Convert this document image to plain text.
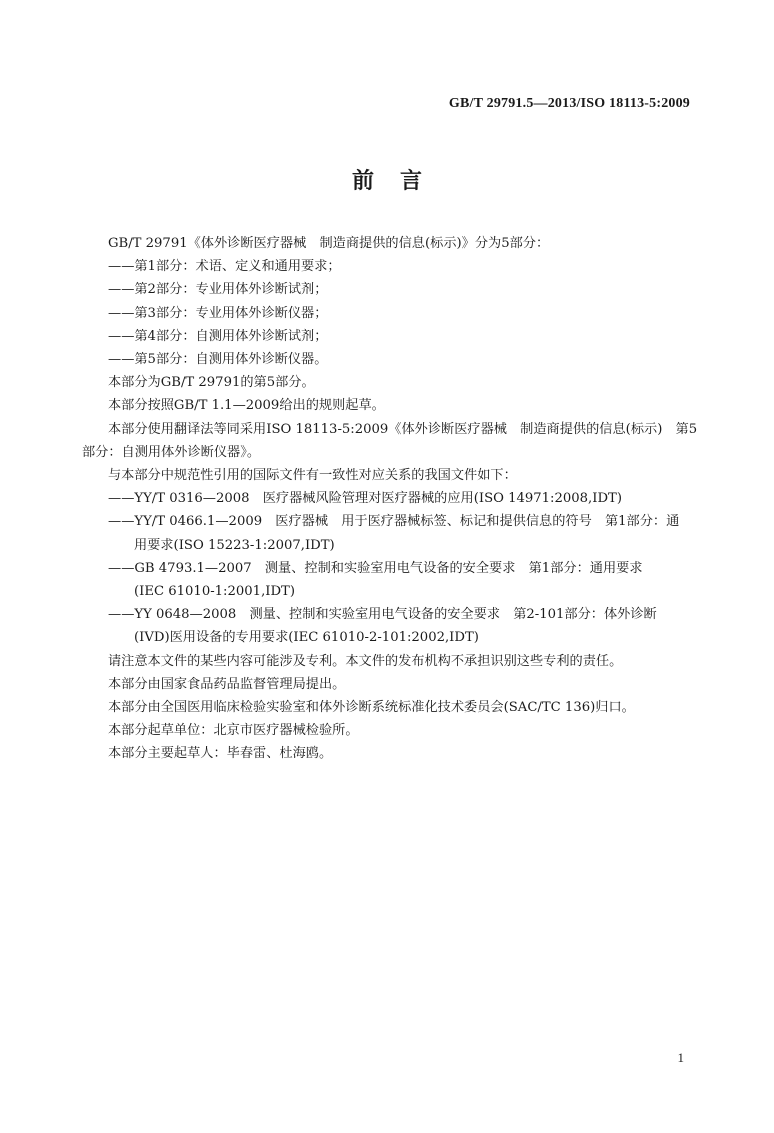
GB/T 29791.5—2013/ISO 18113-5:2009
前言

GB/T 29791《体外诊断医疗器械　制造商提供的信息(标示)》分为5部分：

——第1部分：术语、定义和通用要求；

——第2部分：专业用体外诊断试剂；

——第3部分：专业用体外诊断仪器；

——第4部分：自测用体外诊断试剂；

——第5部分：自测用体外诊断仪器。

本部分为GB/T 29791的第5部分。

本部分按照GB/T 1.1—2009给出的规则起草。

本部分使用翻译法等同采用ISO 18113-5:2009《体外诊断医疗器械　制造商提供的信息(标示)　第5部分：自测用体外诊断仪器》。

与本部分中规范性引用的国际文件有一致性对应关系的我国文件如下：

——YY/T 0316—2008　医疗器械风险管理对医疗器械的应用(ISO 14971:2008,IDT)

——YY/T 0466.1—2009　医疗器械　用于医疗器械标签、标记和提供信息的符号　第1部分：通

用要求(ISO 15223-1:2007,IDT)

——GB 4793.1—2007　测量、控制和实验室用电气设备的安全要求　第1部分：通用要求

(IEC 61010-1:2001,IDT)

——YY 0648—2008　测量、控制和实验室用电气设备的安全要求　第2-101部分：体外诊断

(IVD)医用设备的专用要求(IEC 61010-2-101:2002,IDT)

请注意本文件的某些内容可能涉及专利。本文件的发布机构不承担识别这些专利的责任。

本部分由国家食品药品监督管理局提出。

本部分由全国医用临床检验实验室和体外诊断系统标准化技术委员会(SAC/TC 136)归口。

本部分起草单位：北京市医疗器械检验所。

本部分主要起草人：毕春雷、杜海鸥。

1
